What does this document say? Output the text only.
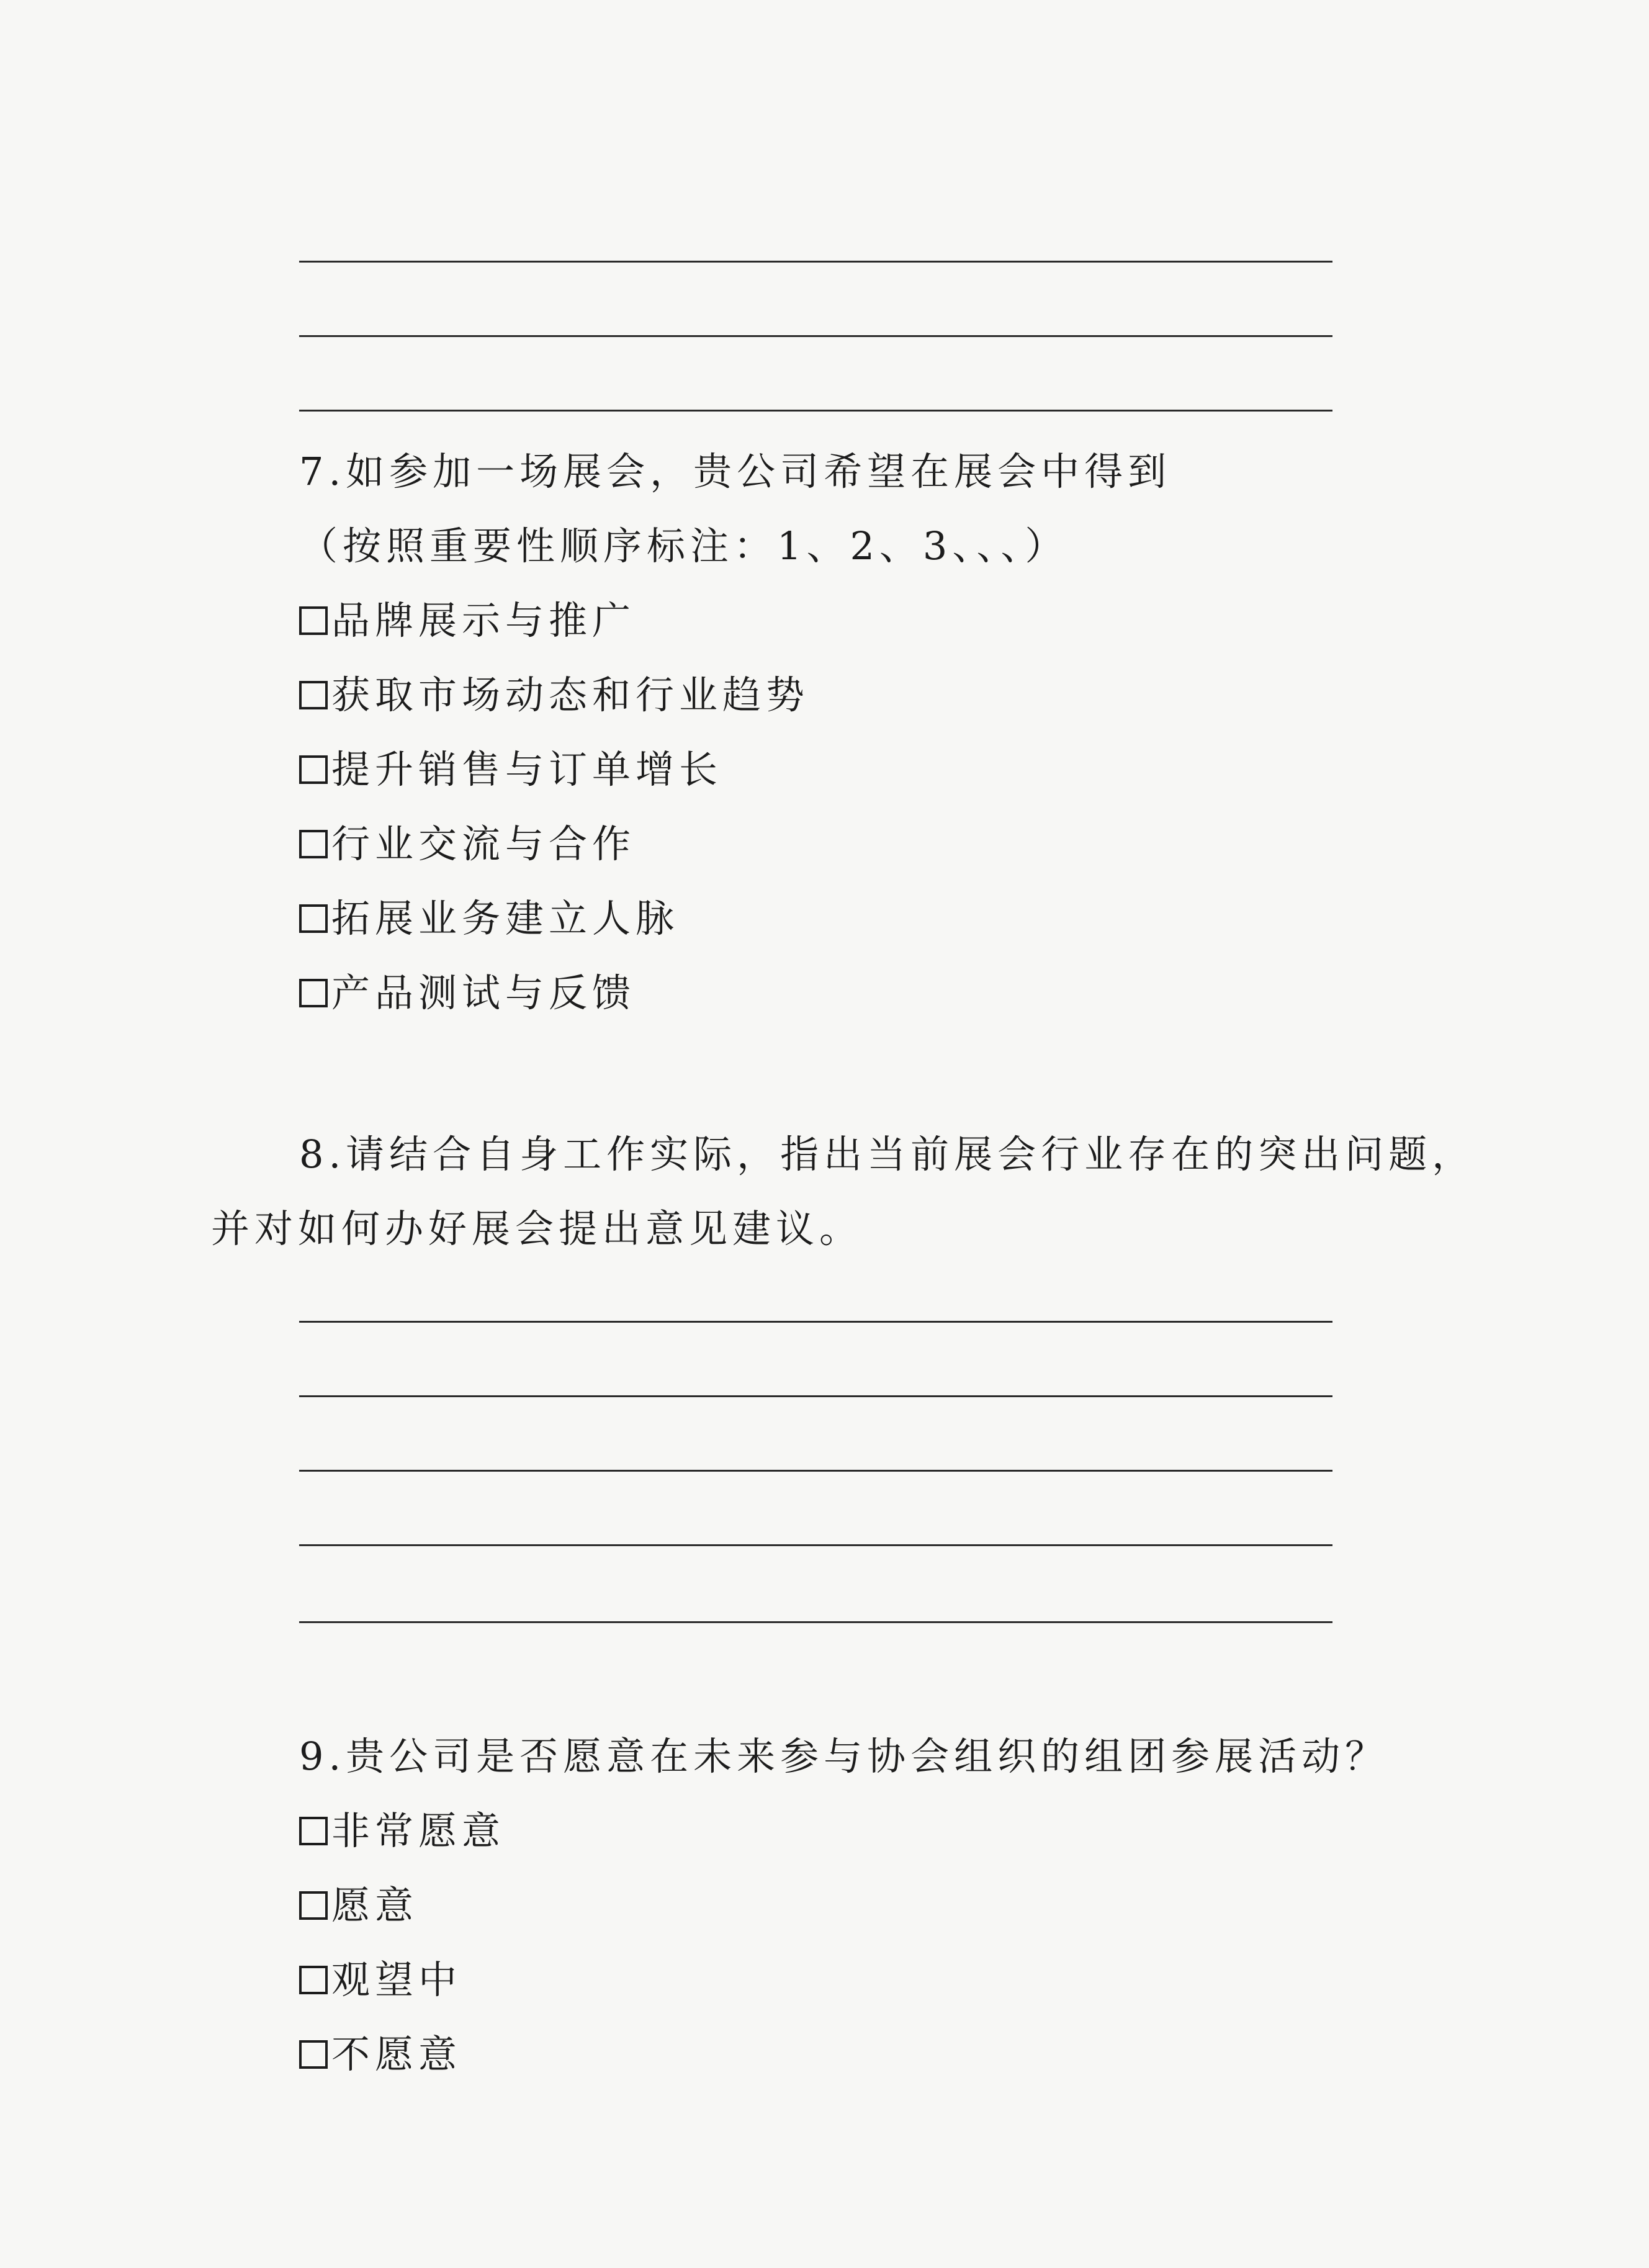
7.如参加一场展会，贵公司希望在展会中得到
（按照重要性顺序标注：1、2、3、、、）
品牌展示与推广
获取市场动态和行业趋势
提升销售与订单增长
行业交流与合作
拓展业务建立人脉
产品测试与反馈
8.请结合自身工作实际，指出当前展会行业存在的突出问题，
并对如何办好展会提出意见建议。
9.贵公司是否愿意在未来参与协会组织的组团参展活动？
非常愿意
愿意
观望中
不愿意
